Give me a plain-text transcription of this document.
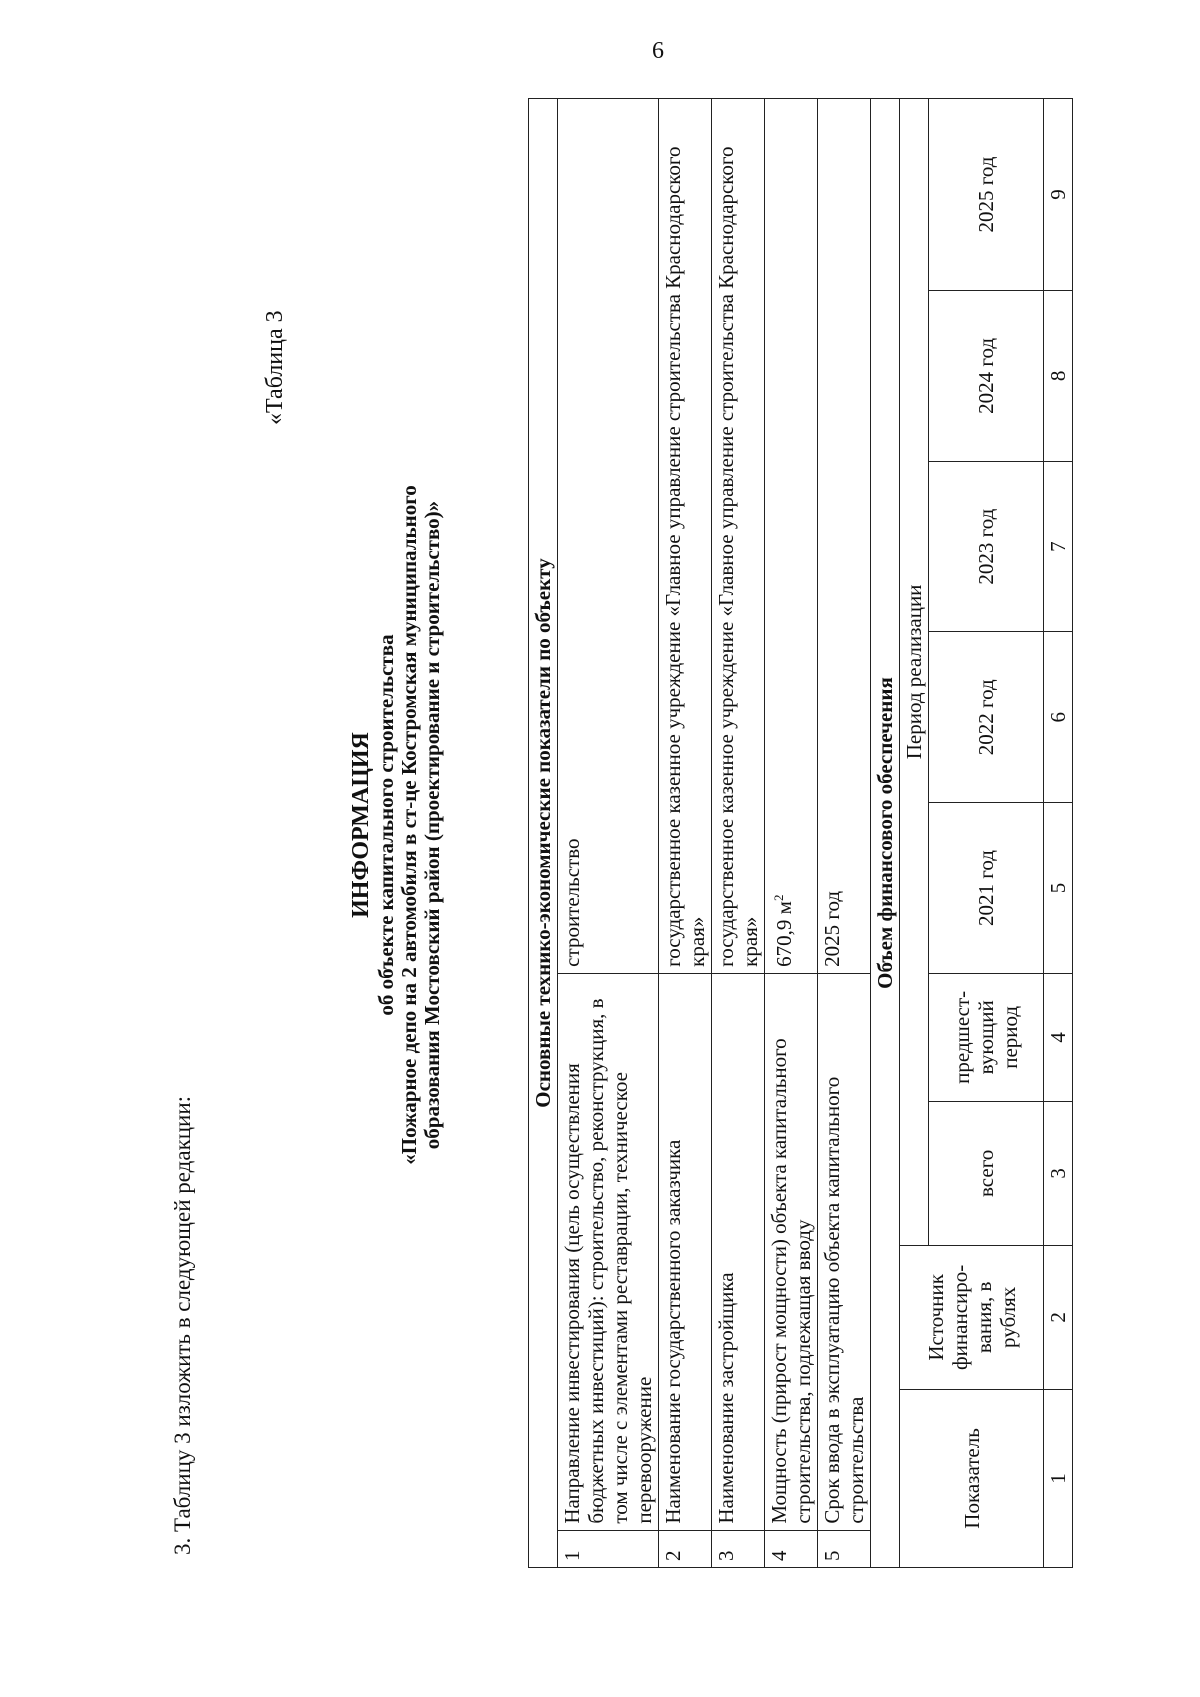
6
3. Таблицу 3 изложить в следующей редакции:
«Таблица 3
ИНФОРМАЦИЯ об объекте капитального строительства «Пожарное депо на 2 автомобиля в ст-це Костромская муниципального образования Мостовский район (проектирование и строительство)»	Основные технико-экономические показатели по объекту									
1	Направление инвестирования (цель осуществления бюджетных инвестиций): строительство, реконструкция, в том числе с элементами реставрации, техническое перевооружение				строительство				
2	Наименование государственного заказчика				государственное казенное учреждение «Главное управление строительства Краснодарского края»				
3	Наименование застройщика				государственное казенное учреждение «Главное управление строительства Краснодарского края»				
4	Мощность (прирост мощности) объекта капитального строительства, подлежащая вводу				670,9 $м^2$
5	Срок ввода в эксплуатацию объекта капитального строительства				2025 год				
Объем финансового обеспечения									
Показатель		Источник финансиро-вания, в рублях	Период реализации						
			всего	предшест-вующий период	2021 год	2022 год	2023 год	2024 год	2025 год
1		2	3	4	5	6	7	8	9
